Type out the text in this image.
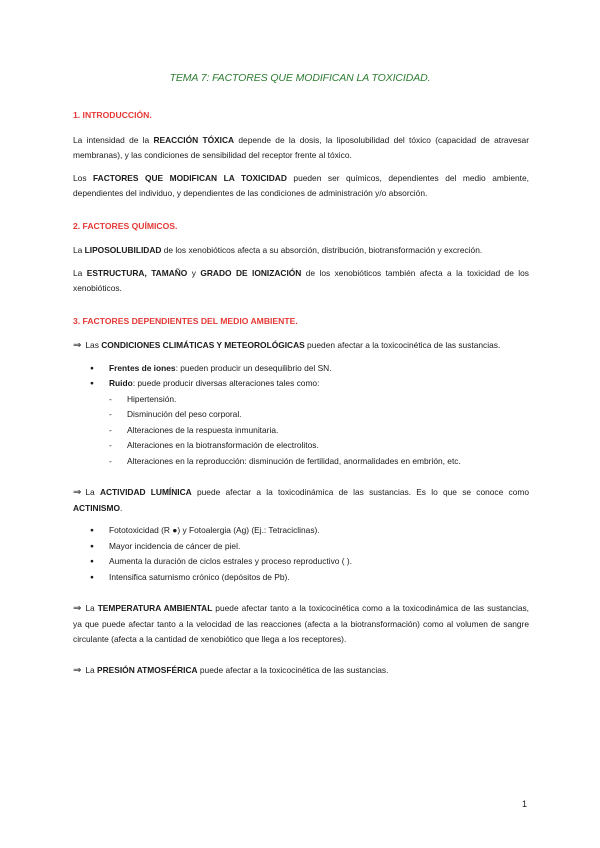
TEMA 7: FACTORES QUE MODIFICAN LA TOXICIDAD.
1. INTRODUCCIÓN.

La intensidad de la REACCIÓN TÓXICA depende de la dosis, la liposolubilidad del tóxico (capacidad de atravesar membranas), y las condiciones de sensibilidad del receptor frente al tóxico.

Los FACTORES QUE MODIFICAN LA TOXICIDAD pueden ser químicos, dependientes del medio ambiente, dependientes del individuo, y dependientes de las condiciones de administración y/o absorción.

2. FACTORES QUÍMICOS.

La LIPOSOLUBILIDAD de los xenobióticos afecta a su absorción, distribución, biotransformación y excreción.

La ESTRUCTURA, TAMAÑO y GRADO DE IONIZACIÓN de los xenobióticos también afecta a la toxicidad de los xenobióticos.

3. FACTORES DEPENDIENTES DEL MEDIO AMBIENTE.

⇒ Las CONDICIONES CLIMÁTICAS Y METEOROLÓGICAS pueden afectar a la toxicocinética de las sustancias.

● Frentes de iones: pueden producir un desequilibrio del SN.
● Ruido: puede producir diversas alteraciones tales como:
- Hipertensión.
- Disminución del peso corporal.
- Alteraciones de la respuesta inmunitaria.
- Alteraciones en la biotransformación de electrolitos.
- Alteraciones en la reproducción: disminución de fertilidad, anormalidades en embrión, etc.

⇒ La ACTIVIDAD LUMÍNICA puede afectar a la toxicodinámica de las sustancias. Es lo que se conoce como ACTINISMO.

● Fototoxicidad (R ●) y Fotoalergia (Ag) (Ej.: Tetraciclinas).
● Mayor incidencia de cáncer de piel.
● Aumenta la duración de ciclos estrales y proceso reproductivo ( ).
● Intensifica saturnismo crónico (depósitos de Pb).

⇒ La TEMPERATURA AMBIENTAL puede afectar tanto a la toxicocinética como a la toxicodinámica de las sustancias, ya que puede afectar tanto a la velocidad de las reacciones (afecta a la biotransformación) como al volumen de sangre circulante (afecta a la cantidad de xenobiótico que llega a los receptores).

⇒ La PRESIÓN ATMOSFÉRICA puede afectar a la toxicocinética de las sustancias.

1
